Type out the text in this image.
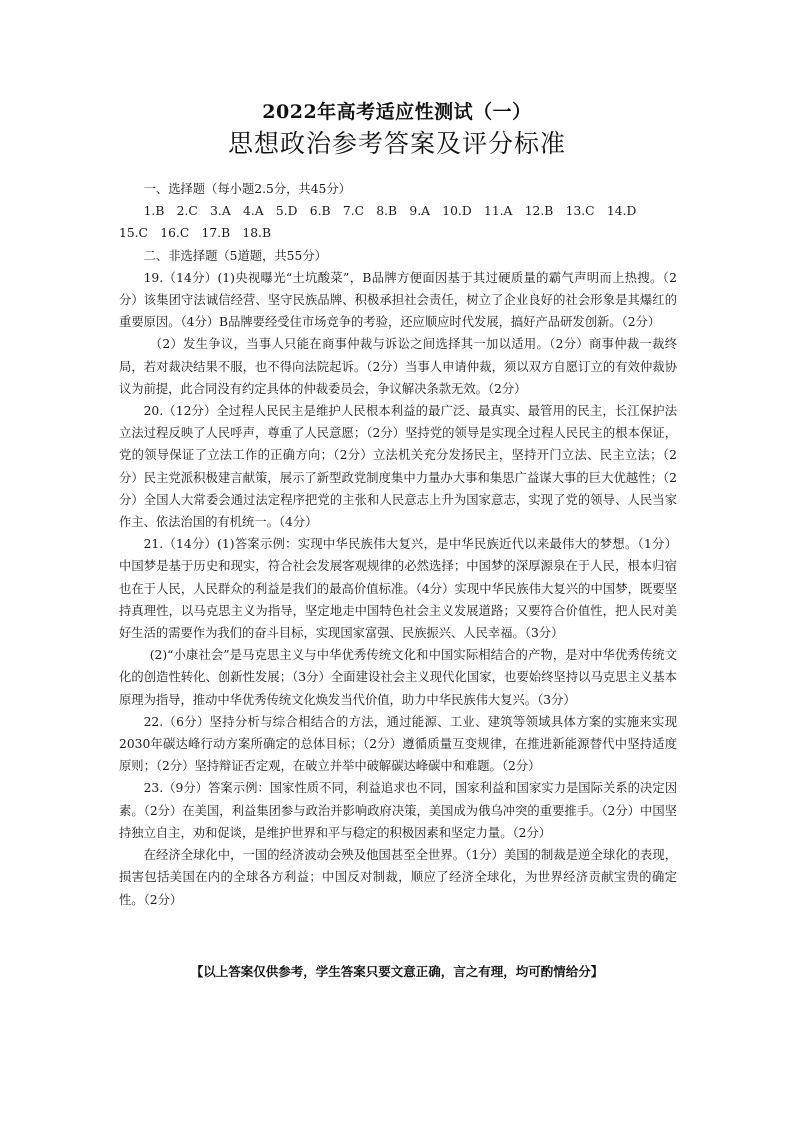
2022年高考适应性测试（一）
思想政治参考答案及评分标准

一、选择题（每小题2.5分，共45分）

1.B　2.C　3.A　4.A　5.D　6.B　7.C　8.B　9.A　10.D　11.A　12.B　13.C　14.D

15.C　16.C　17.B　18.B

二、非选择题（5道题，共55分）

19.（14分）(1)央视曝光“土坑酸菜”，B品牌方便面因基于其过硬质量的霸气声明而上热搜。（2分）该集团守法诚信经营、坚守民族品牌、积极承担社会责任，树立了企业良好的社会形象是其爆红的重要原因。（4分）B品牌要经受住市场竞争的考验，还应顺应时代发展，搞好产品研发创新。（2分）

（2）发生争议，当事人只能在商事仲裁与诉讼之间选择其一加以适用。（2分）商事仲裁一裁终局，若对裁决结果不服，也不得向法院起诉。（2分）当事人申请仲裁，须以双方自愿订立的有效仲裁协议为前提，此合同没有约定具体的仲裁委员会，争议解决条款无效。（2分）

20.（12分）全过程人民民主是维护人民根本利益的最广泛、最真实、最管用的民主，长江保护法立法过程反映了人民呼声，尊重了人民意愿；（2分）坚持党的领导是实现全过程人民民主的根本保证，党的领导保证了立法工作的正确方向；（2分）立法机关充分发扬民主，坚持开门立法、民主立法；（2分）民主党派积极建言献策，展示了新型政党制度集中力量办大事和集思广益谋大事的巨大优越性；（2分）全国人大常委会通过法定程序把党的主张和人民意志上升为国家意志，实现了党的领导、人民当家作主、依法治国的有机统一。（4分）

21.（14分）(1)答案示例：实现中华民族伟大复兴，是中华民族近代以来最伟大的梦想。（1分）中国梦是基于历史和现实，符合社会发展客观规律的必然选择；中国梦的深厚源泉在于人民，根本归宿也在于人民，人民群众的利益是我们的最高价值标准。（4分）实现中华民族伟大复兴的中国梦，既要坚持真理性，以马克思主义为指导，坚定地走中国特色社会主义发展道路；又要符合价值性，把人民对美好生活的需要作为我们的奋斗目标，实现国家富强、民族振兴、人民幸福。（3分）

(2)“小康社会”是马克思主义与中华优秀传统文化和中国实际相结合的产物，是对中华优秀传统文化的创造性转化、创新性发展；（3分）全面建设社会主义现代化国家，也要始终坚持以马克思主义基本原理为指导，推动中华优秀传统文化焕发当代价值，助力中华民族伟大复兴。（3分）

22.（6分）坚持分析与综合相结合的方法，通过能源、工业、建筑等领域具体方案的实施来实现2030年碳达峰行动方案所确定的总体目标；（2分）遵循质量互变规律，在推进新能源替代中坚持适度原则；（2分）坚持辩证否定观，在破立并举中破解碳达峰碳中和难题。（2分）

23.（9分）答案示例：国家性质不同，利益追求也不同，国家利益和国家实力是国际关系的决定因素。（2分）在美国，利益集团参与政治并影响政府决策，美国成为俄乌冲突的重要推手。（2分）中国坚持独立自主，劝和促谈，是维护世界和平与稳定的积极因素和坚定力量。（2分）

在经济全球化中，一国的经济波动会殃及他国甚至全世界。（1分）美国的制裁是逆全球化的表现，损害包括美国在内的全球各方利益；中国反对制裁，顺应了经济全球化，为世界经济贡献宝贵的确定性。（2分）

【以上答案仅供参考，学生答案只要文意正确，言之有理，均可酌情给分】
